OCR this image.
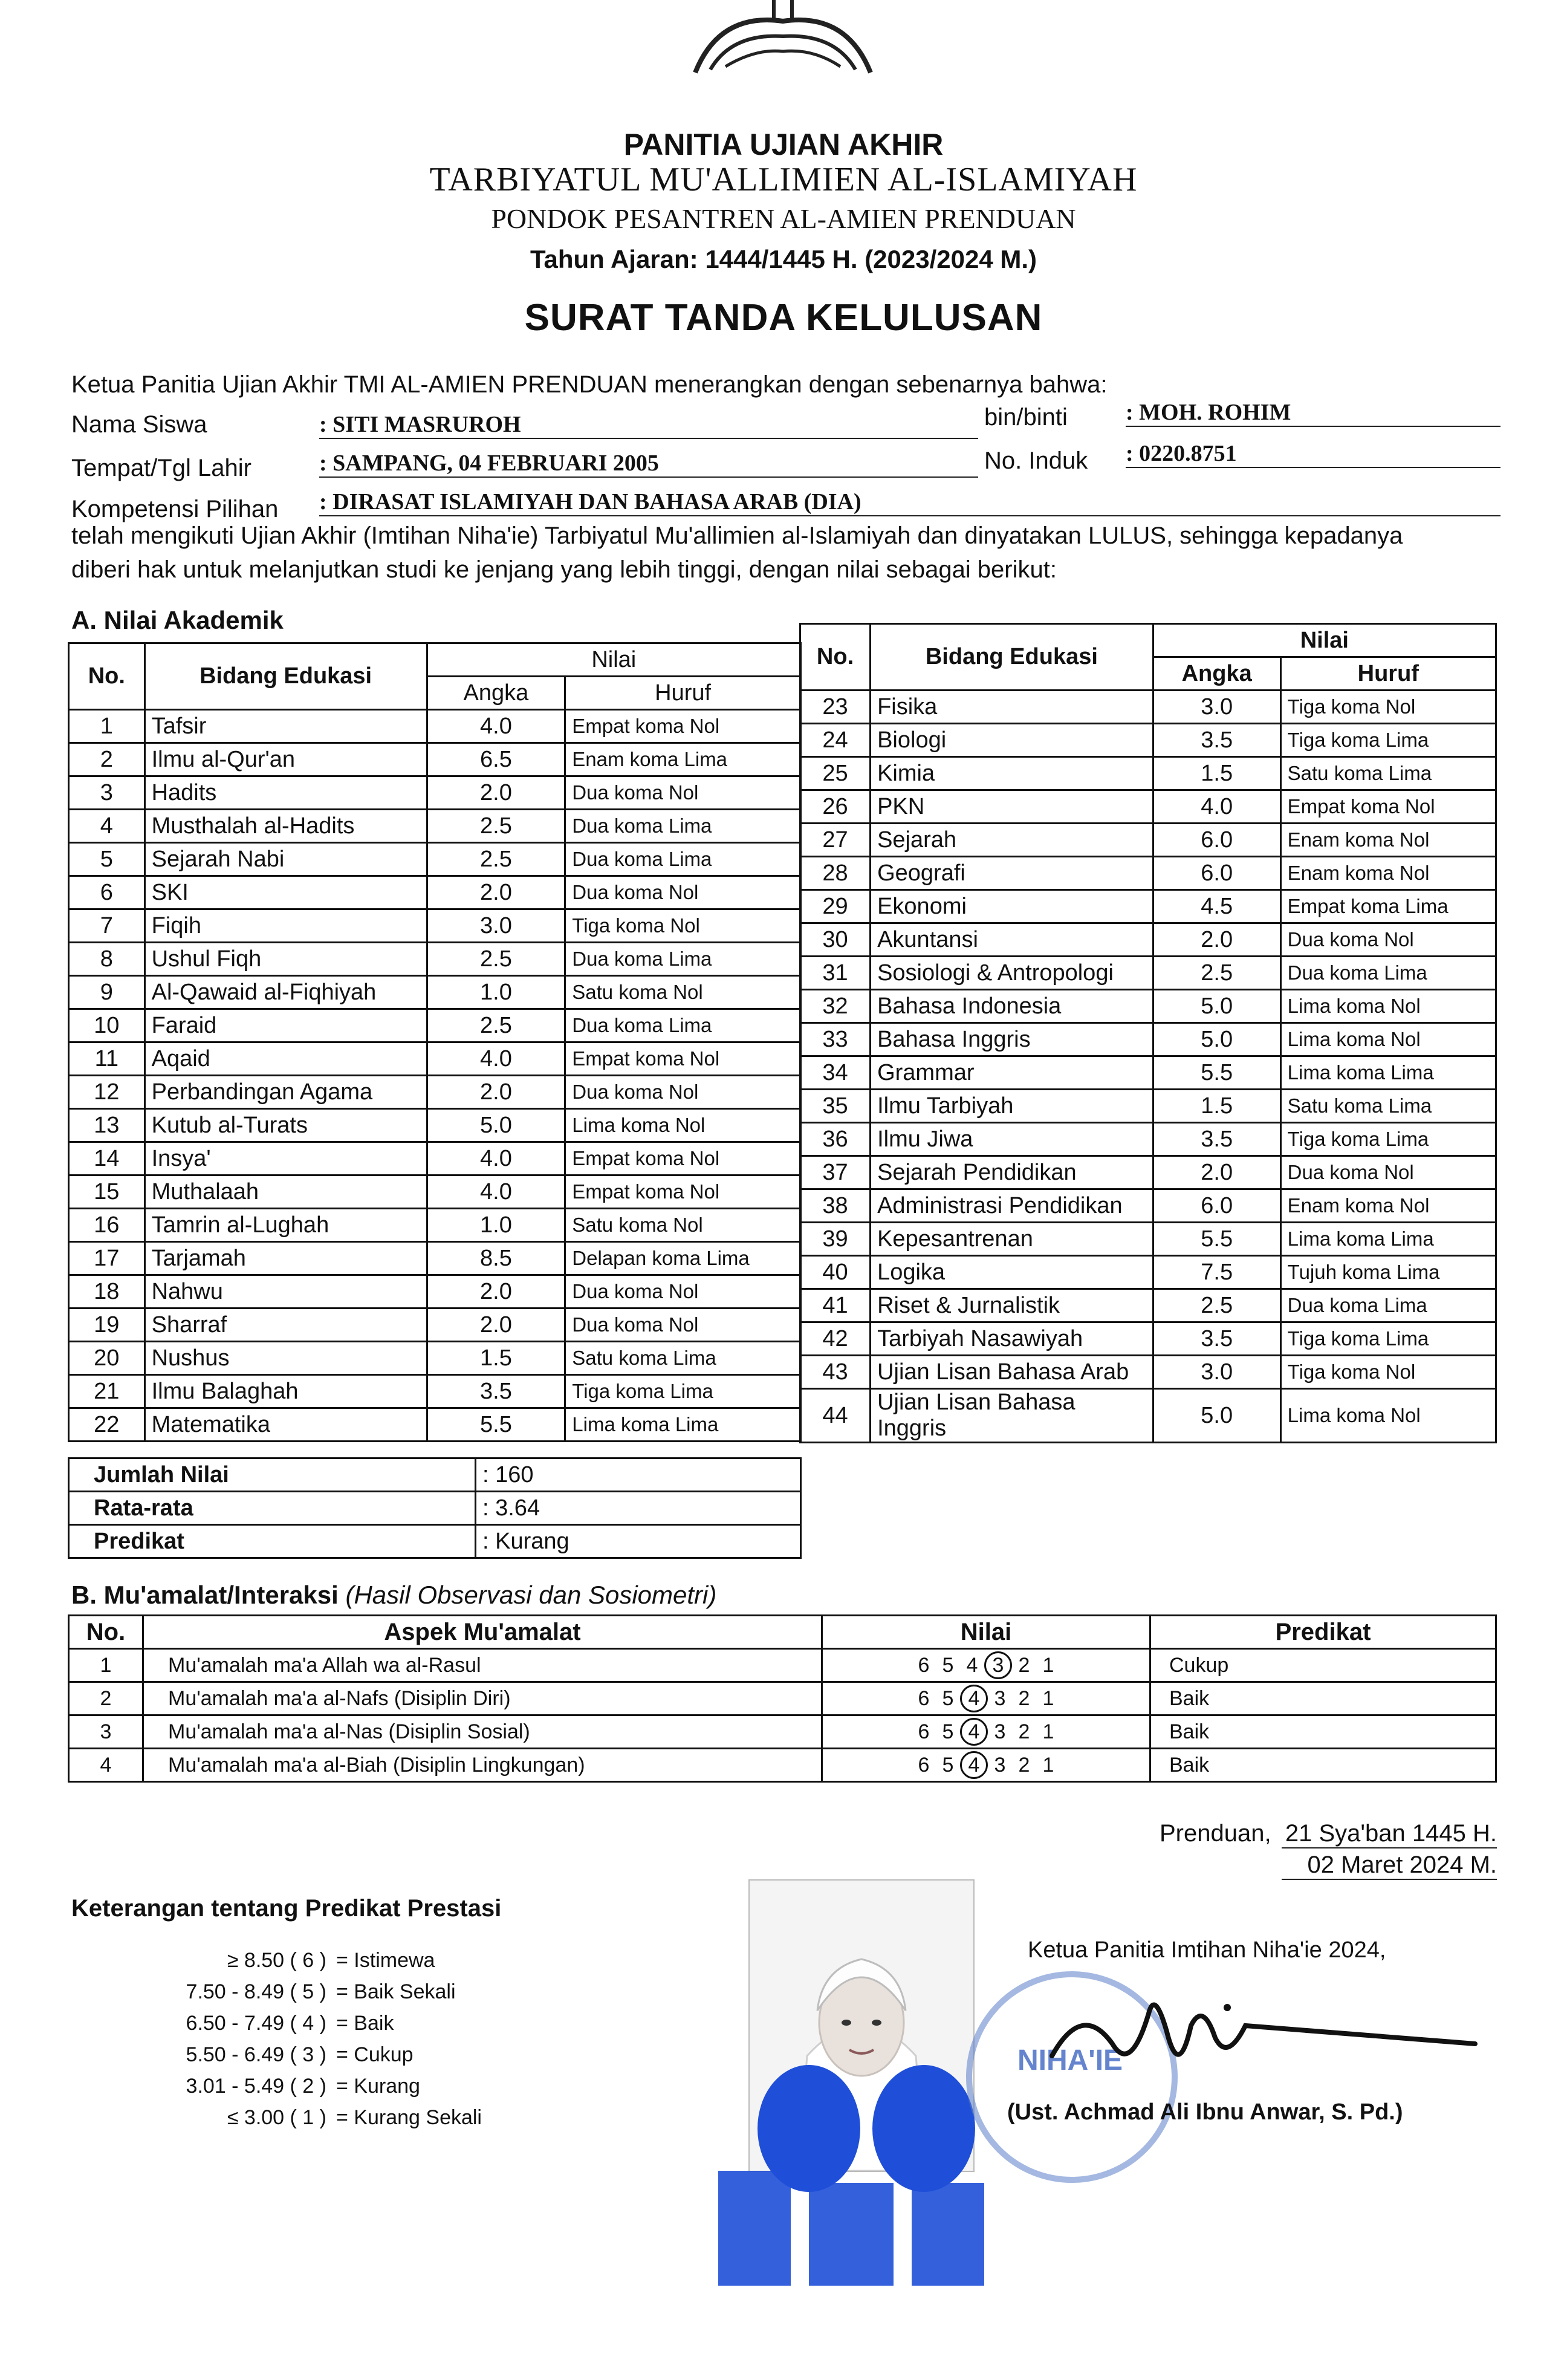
PANITIA UJIAN AKHIR
TARBIYATUL MU'ALLIMIEN AL-ISLAMIYAH
PONDOK PESANTREN AL-AMIEN PRENDUAN
Tahun Ajaran: 1444/1445 H. (2023/2024 M.)
SURAT TANDA KELULUSAN
Ketua Panitia Ujian Akhir TMI AL-AMIEN PRENDUAN menerangkan dengan sebenarnya bahwa:
Nama Siswa	: SITI MASRUROH	bin/binti	: MOH. ROHIM
Tempat/Tgl Lahir	: SAMPANG, 04 FEBRUARI 2005	No. Induk : 0220.8751
Kompetensi Pilihan : DIRASAT ISLAMIYAH DAN BAHASA ARAB (DIA)
telah mengikuti Ujian Akhir (Imtihan Niha'ie) Tarbiyatul Mu'allimien al-Islamiyah dan dinyatakan LULUS, sehingga kepadanya
diberi hak untuk melanjutkan studi ke jenjang yang lebih tinggi, dengan nilai sebagai berikut:
A. Nilai Akademik
No.	Bidang Edukasi	Nilai	
		Angka	Huruf
1	Tafsir	4.0	Empat koma Nol
2	Ilmu al-Qur'an	6.5	Enam koma Lima
3	Hadits	2.0	Dua koma Nol
4	Musthalah al-Hadits	2.5	Dua koma Lima
5	Sejarah Nabi	2.5	Dua koma Lima
6	SKI	2.0	Dua koma Nol
7	Fiqih	3.0	Tiga koma Nol
8	Ushul Fiqh	2.5	Dua koma Lima
9	Al-Qawaid al-Fiqhiyah	1.0	Satu koma Nol
10	Faraid	2.5	Dua koma Lima
11	Aqaid	4.0	Empat koma Nol
12	Perbandingan Agama	2.0	Dua koma Nol
13	Kutub al-Turats	5.0	Lima koma Nol
14	Insya'	4.0	Empat koma Nol
15	Muthalaah	4.0	Empat koma Nol
16	Tamrin al-Lughah	1.0	Satu koma Nol
17	Tarjamah	8.5	Delapan koma Lima
18	Nahwu	2.0	Dua koma Nol
19	Sharraf	2.0	Dua koma Nol
20	Nushus	1.5	Satu koma Lima
21	Ilmu Balaghah	3.5	Tiga koma Lima
22	Matematika	5.5	Lima koma Lima
No.	Bidang Edukasi	Nilai	
		Angka	Huruf
23	Fisika	3.0	Tiga koma Nol
24	Biologi	3.5	Tiga koma Lima
25	Kimia	1.5	Satu koma Lima
26	PKN	4.0	Empat koma Nol
27	Sejarah	6.0	Enam koma Nol
28	Geografi	6.0	Enam koma Nol
29	Ekonomi	4.5	Empat koma Lima
30	Akuntansi	2.0	Dua koma Nol
31	Sosiologi & Antropologi	2.5	Dua koma Lima
32	Bahasa Indonesia	5.0	Lima koma Nol
33	Bahasa Inggris	5.0	Lima koma Nol
34	Grammar	5.5	Lima koma Lima
35	Ilmu Tarbiyah	1.5	Satu koma Lima
36	Ilmu Jiwa	3.5	Tiga koma Lima
37	Sejarah Pendidikan	2.0	Dua koma Nol
38	Administrasi Pendidikan	6.0	Enam koma Nol
39	Kepesantrenan	5.5	Lima koma Lima
40	Logika	7.5	Tujuh koma Lima
41	Riset & Jurnalistik	2.5	Dua koma Lima
42	Tarbiyah Nasawiyah	3.5	Tiga koma Lima
43	Ujian Lisan Bahasa Arab	3.0	Tiga koma Nol
44	Ujian Lisan Bahasa Inggris	5.0	Lima koma Nol
Jumlah Nilai	: 160
Rata-rata	: 3.64
Predikat	: Kurang
B. Mu'amalat/Interaksi (Hasil Observasi dan Sosiometri)
No.	Aspek Mu'amalat	Nilai	Predikat
1	Mu'amalah ma'a Allah wa al-Rasul	6 5 4 3 2 1	Cukup
2	Mu'amalah ma'a al-Nafs (Disiplin Diri)	6 5 4 3 2 1	Baik
3	Mu'amalah ma'a al-Nas (Disiplin Sosial)	6 5 4 3 2 1	Baik
4	Mu'amalah ma'a al-Biah (Disiplin Lingkungan)	6 5 4 3 2 1	Baik
Prenduan, 21 Sya'ban 1445 H.
02 Maret 2024 M.
Keterangan tentang Predikat Prestasi
≥ 8.50 ( 6 ) = Istimewa
7.50 - 8.49 ( 5 ) = Baik Sekali
6.50 - 7.49 ( 4 ) = Baik
5.50 - 6.49 ( 3 ) = Cukup
3.01 - 5.49 ( 2 ) = Kurang
≤ 3.00 ( 1 ) = Kurang Sekali
NIHA'IE
Ketua Panitia Imtihan Niha'ie 2024,
(Ust. Achmad Ali Ibnu Anwar, S. Pd.)
